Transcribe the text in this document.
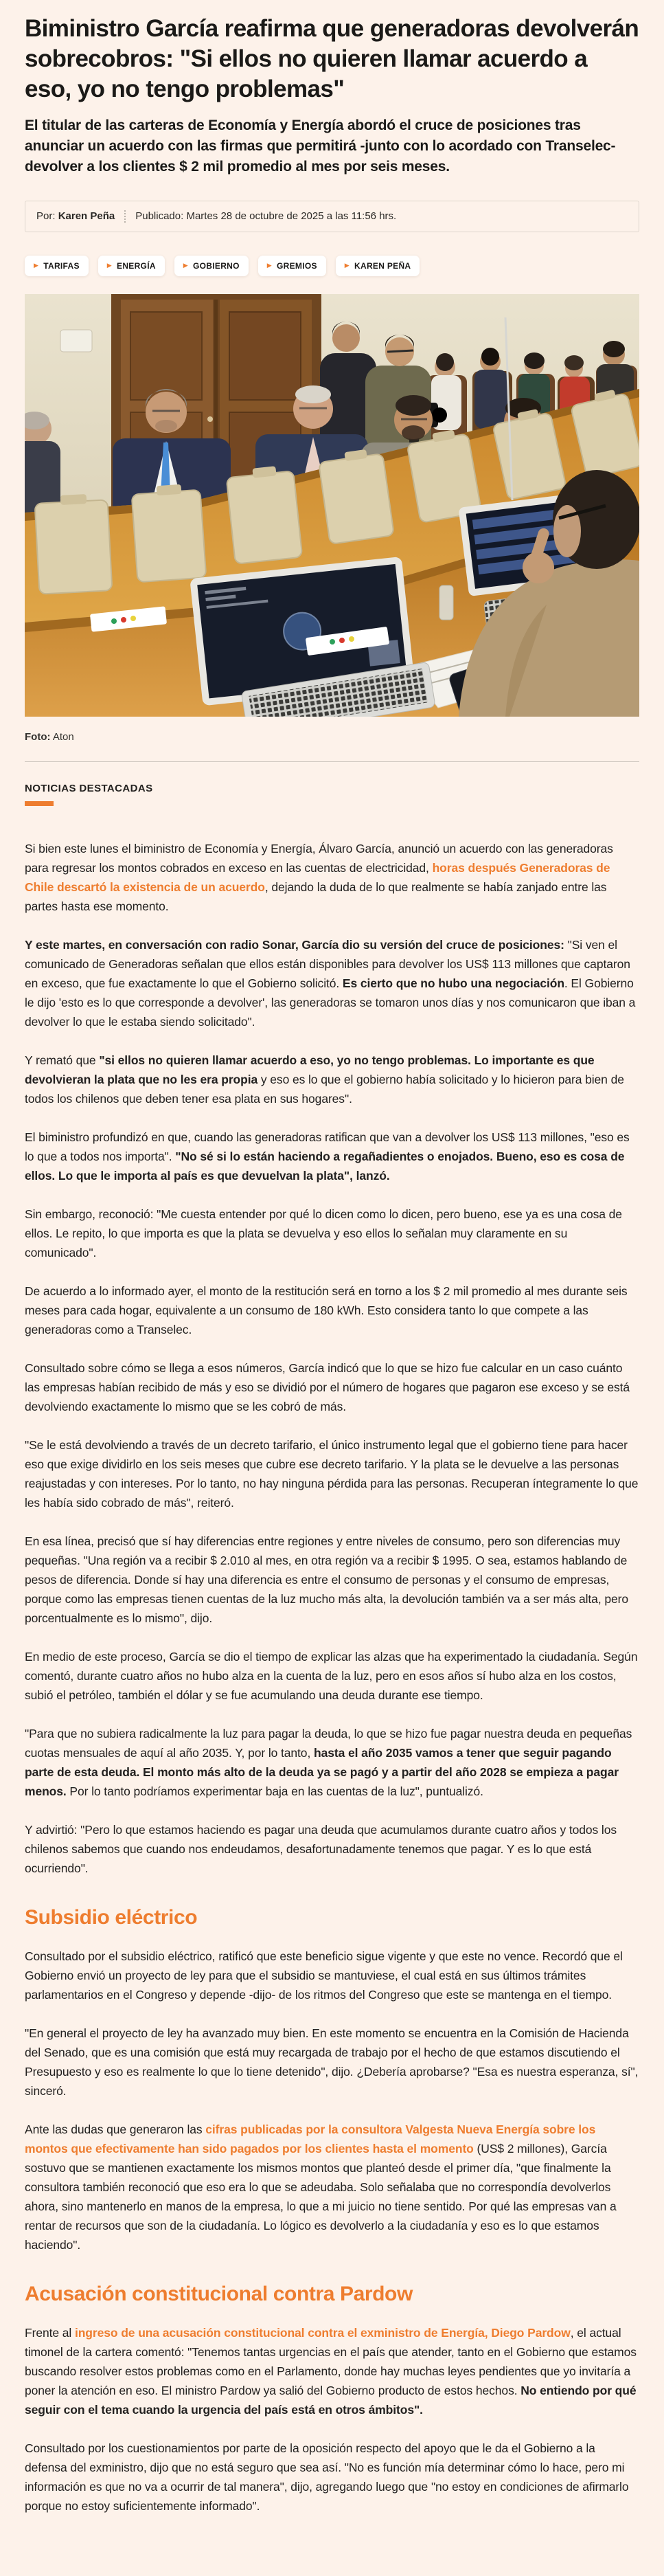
Biministro García reafirma que generadoras devolverán sobrecobros: "Si ellos no quieren llamar acuerdo a eso, yo no tengo problemas"

El titular de las carteras de Economía y Energía abordó el cruce de posiciones tras anunciar un acuerdo con las firmas que permitirá -junto con lo acordado con Transelec- devolver a los clientes $ 2 mil promedio al mes por seis meses.

Por: Karen Peña Publicado: Martes 28 de octubre de 2025 a las 11:56 hrs.
▶ TARIFAS	▶ ENERGÍA	▶ GOBIERNO	▶ GREMIOS	▶ KAREN PEÑA
Foto: Aton
NOTICIAS DESTACADAS

Si bien este lunes el biministro de Economía y Energía, Álvaro García, anunció un acuerdo con las generadoras para regresar los montos cobrados en exceso en las cuentas de electricidad, horas después Generadoras de Chile descartó la existencia de un acuerdo, dejando la duda de lo que realmente se había zanjado entre las partes hasta ese momento.

Y este martes, en conversación con radio Sonar, García dio su versión del cruce de posiciones: "Si ven el comunicado de Generadoras señalan que ellos están disponibles para devolver los US$ 113 millones que captaron en exceso, que fue exactamente lo que el Gobierno solicitó. Es cierto que no hubo una negociación. El Gobierno le dijo 'esto es lo que corresponde a devolver', las generadoras se tomaron unos días y nos comunicaron que iban a devolver lo que le estaba siendo solicitado".

Y remató que "si ellos no quieren llamar acuerdo a eso, yo no tengo problemas. Lo importante es que devolvieran la plata que no les era propia y eso es lo que el gobierno había solicitado y lo hicieron para bien de todos los chilenos que deben tener esa plata en sus hogares".

El biministro profundizó en que, cuando las generadoras ratifican que van a devolver los US$ 113 millones, "eso es lo que a todos nos importa". "No sé si lo están haciendo a regañadientes o enojados. Bueno, eso es cosa de ellos. Lo que le importa al país es que devuelvan la plata", lanzó.

Sin embargo, reconoció: "Me cuesta entender por qué lo dicen como lo dicen, pero bueno, ese ya es una cosa de ellos. Le repito, lo que importa es que la plata se devuelva y eso ellos lo señalan muy claramente en su comunicado".

De acuerdo a lo informado ayer, el monto de la restitución será en torno a los $ 2 mil promedio al mes durante seis meses para cada hogar, equivalente a un consumo de 180 kWh. Esto considera tanto lo que compete a las generadoras como a Transelec.

Consultado sobre cómo se llega a esos números, García indicó que lo que se hizo fue calcular en un caso cuánto las empresas habían recibido de más y eso se dividió por el número de hogares que pagaron ese exceso y se está devolviendo exactamente lo mismo que se les cobró de más.

"Se le está devolviendo a través de un decreto tarifario, el único instrumento legal que el gobierno tiene para hacer eso que exige dividirlo en los seis meses que cubre ese decreto tarifario. Y la plata se le devuelve a las personas reajustadas y con intereses. Por lo tanto, no hay ninguna pérdida para las personas. Recuperan íntegramente lo que les había sido cobrado de más", reiteró.

En esa línea, precisó que sí hay diferencias entre regiones y entre niveles de consumo, pero son diferencias muy pequeñas. "Una región va a recibir $ 2.010 al mes, en otra región va a recibir $ 1995. O sea, estamos hablando de pesos de diferencia. Donde sí hay una diferencia es entre el consumo de personas y el consumo de empresas, porque como las empresas tienen cuentas de la luz mucho más alta, la devolución también va a ser más alta, pero porcentualmente es lo mismo", dijo.

En medio de este proceso, García se dio el tiempo de explicar las alzas que ha experimentado la ciudadanía. Según comentó, durante cuatro años no hubo alza en la cuenta de la luz, pero en esos años sí hubo alza en los costos, subió el petróleo, también el dólar y se fue acumulando una deuda durante ese tiempo.

"Para que no subiera radicalmente la luz para pagar la deuda, lo que se hizo fue pagar nuestra deuda en pequeñas cuotas mensuales de aquí al año 2035. Y, por lo tanto, hasta el año 2035 vamos a tener que seguir pagando parte de esta deuda. El monto más alto de la deuda ya se pagó y a partir del año 2028 se empieza a pagar menos. Por lo tanto podríamos experimentar baja en las cuentas de la luz", puntualizó.

Y advirtió: "Pero lo que estamos haciendo es pagar una deuda que acumulamos durante cuatro años y todos los chilenos sabemos que cuando nos endeudamos, desafortunadamente tenemos que pagar. Y es lo que está ocurriendo".

Subsidio eléctrico

Consultado por el subsidio eléctrico, ratificó que este beneficio sigue vigente y que este no vence. Recordó que el Gobierno envió un proyecto de ley para que el subsidio se mantuviese, el cual está en sus últimos trámites parlamentarios en el Congreso y depende -dijo- de los ritmos del Congreso que este se mantenga en el tiempo.

"En general el proyecto de ley ha avanzado muy bien. En este momento se encuentra en la Comisión de Hacienda del Senado, que es una comisión que está muy recargada de trabajo por el hecho de que estamos discutiendo el Presupuesto y eso es realmente lo que lo tiene detenido", dijo. ¿Debería aprobarse? "Esa es nuestra esperanza, sí", sinceró.

Ante las dudas que generaron las cifras publicadas por la consultora Valgesta Nueva Energía sobre los montos que efectivamente han sido pagados por los clientes hasta el momento (US$ 2 millones), García sostuvo que se mantienen exactamente los mismos montos que planteó desde el primer día, "que finalmente la consultora también reconoció que eso era lo que se adeudaba. Solo señalaba que no correspondía devolverlos ahora, sino mantenerlo en manos de la empresa, lo que a mi juicio no tiene sentido. Por qué las empresas van a rentar de recursos que son de la ciudadanía. Lo lógico es devolverlo a la ciudadanía y eso es lo que estamos haciendo".

Acusación constitucional contra Pardow

Frente al ingreso de una acusación constitucional contra el exministro de Energía, Diego Pardow, el actual timonel de la cartera comentó: "Tenemos tantas urgencias en el país que atender, tanto en el Gobierno que estamos buscando resolver estos problemas como en el Parlamento, donde hay muchas leyes pendientes que yo invitaría a poner la atención en eso. El ministro Pardow ya salió del Gobierno producto de estos hechos. No entiendo por qué seguir con el tema cuando la urgencia del país está en otros ámbitos".

Consultado por los cuestionamientos por parte de la oposición respecto del apoyo que le da el Gobierno a la defensa del exministro, dijo que no está seguro que sea así. "No es función mía determinar cómo lo hace, pero mi información es que no va a ocurrir de tal manera", dijo, agregando luego que "no estoy en condiciones de afirmarlo porque no estoy suficientemente informado".
